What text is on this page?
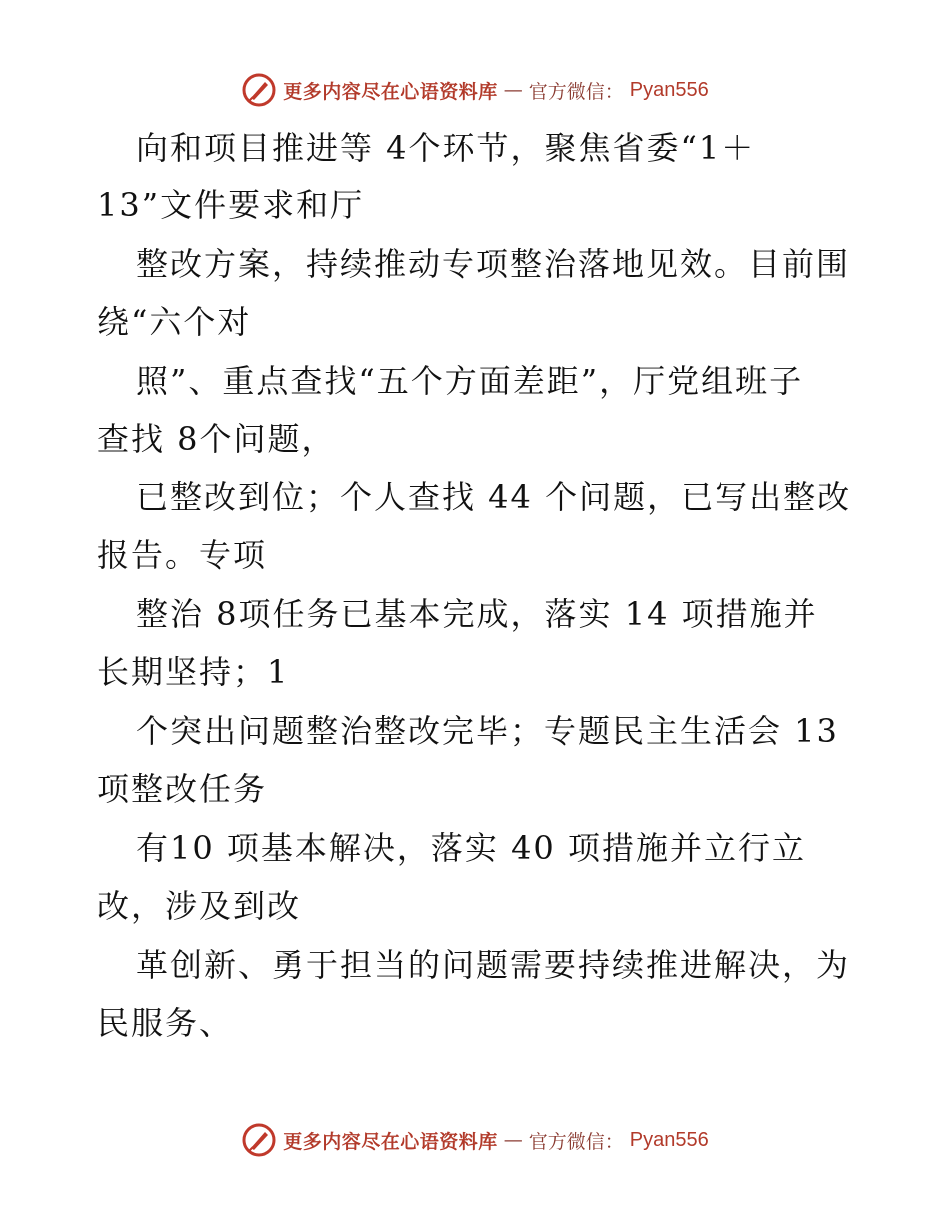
更多内容尽在心语资料库 — 官方微信： Pyan556
向和项目推进等 4个环节，聚焦省委“1＋
13”文件要求和厅
整改方案，持续推动专项整治落地见效。目前围
绕“六个对
照”、重点查找“五个方面差距”，厅党组班子
查找 8个问题，
已整改到位；个人查找 44 个问题，已写出整改
报告。专项
整治 8项任务已基本完成，落实 14 项措施并
长期坚持；1
个突出问题整治整改完毕；专题民主生活会 13
项整改任务
有10 项基本解决，落实 40 项措施并立行立
改，涉及到改
革创新、勇于担当的问题需要持续推进解决，为
民服务、
更多内容尽在心语资料库 — 官方微信： Pyan556
